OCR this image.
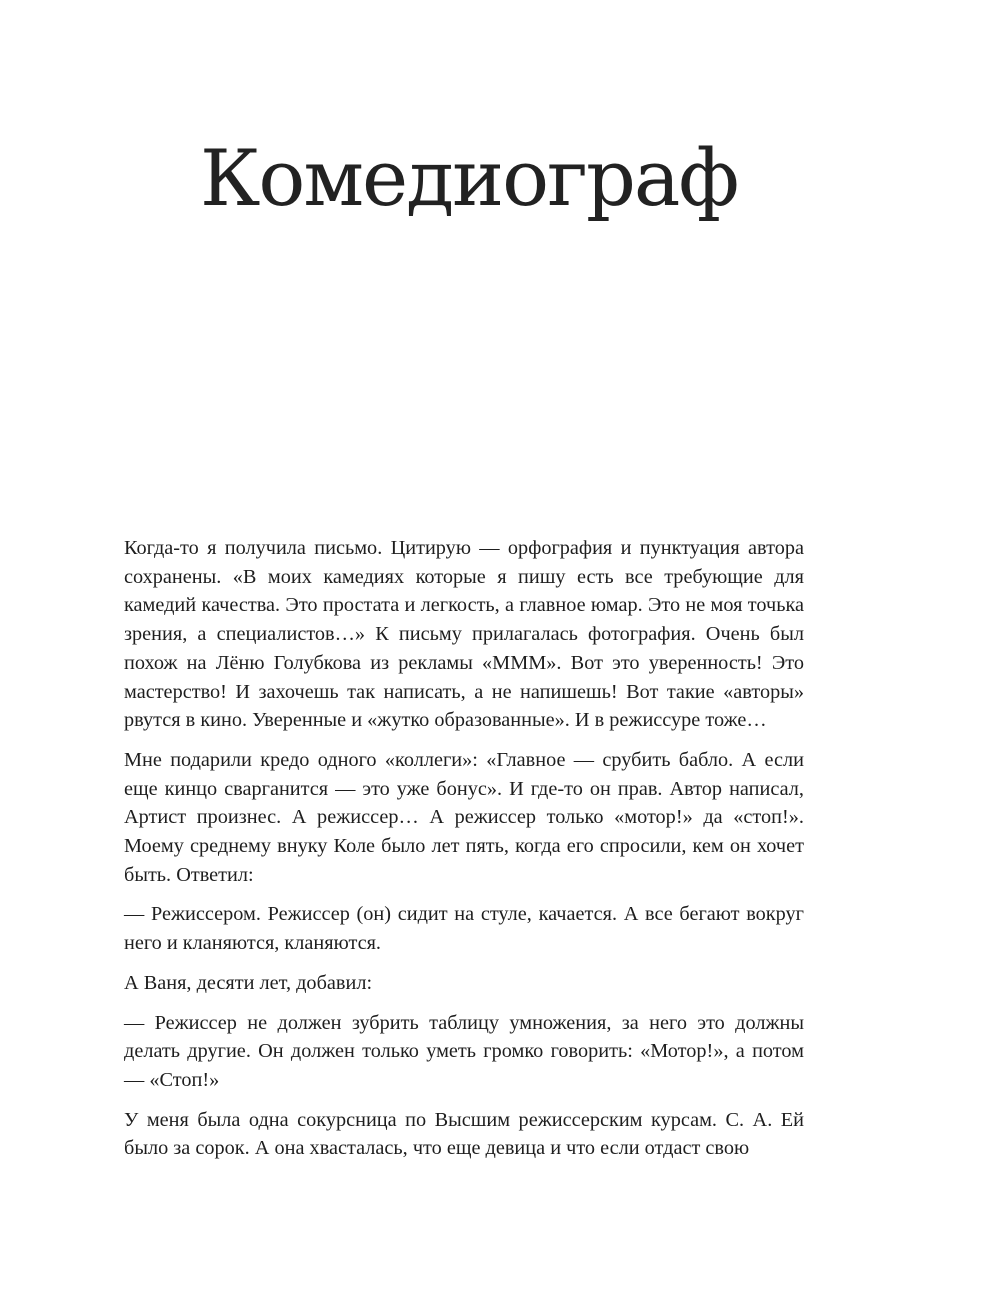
Комедиограф

Когда-то я получила письмо. Цитирую — орфография и пунктуация автора сохранены. «В моих камедиях которые я пишу есть все требующие для камедий качества. Это простата и легкость, а главное юмар. Это не моя точька зрения, а специалистов…» К письму прилагалась фотография. Очень был похож на Лёню Голубкова из рекламы «МММ». Вот это уверенность! Это мастерство! И захочешь так написать, а не напишешь! Вот такие «авторы» рвутся в кино. Уверенные и «жутко образованные». И в режиссуре тоже…

Мне подарили кредо одного «коллеги»: «Главное — срубить бабло. А если еще кинцо сварганится — это уже бонус». И где-то он прав. Автор написал, Артист произнес. А режиссер… А режиссер только «мотор!» да «стоп!». Моему среднему внуку Коле было лет пять, когда его спросили, кем он хочет быть. Ответил:

— Режиссером. Режиссер (он) сидит на стуле, качается. А все бегают вокруг него и кланяются, кланяются.

А Ваня, десяти лет, добавил:

— Режиссер не должен зубрить таблицу умножения, за него это должны делать другие. Он должен только уметь громко говорить: «Мотор!», а потом — «Стоп!»

У меня была одна сокурсница по Высшим режиссерским курсам. С. А. Ей было за сорок. А она хвасталась, что еще девица и что если отдаст свою
